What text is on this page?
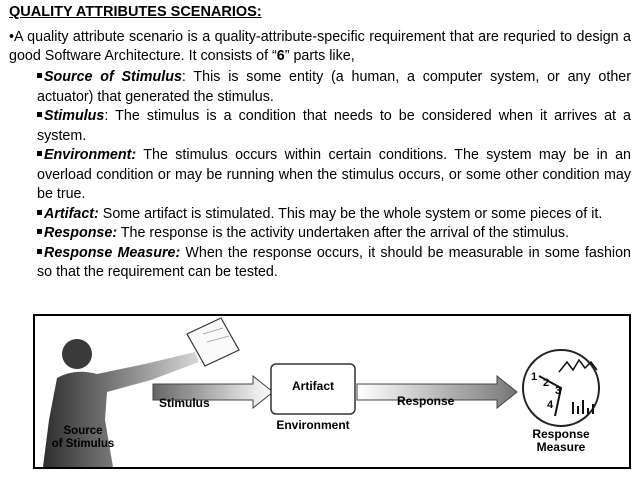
QUALITY ATTRIBUTES SCENARIOS:
•A quality attribute scenario is a quality-attribute-specific requirement that are requried to design a good Software Architecture. It consists of “6” parts like,
Source of Stimulus: This is some entity (a human, a computer system, or any other actuator) that generated the stimulus.
Stimulus: The stimulus is a condition that needs to be considered when it arrives at a system.
Environment: The stimulus occurs within certain conditions. The system may be in an overload condition or may be running when the stimulus occurs, or some other condition may be true.
Artifact: Some artifact is stimulated. This may be the whole system or some pieces of it.
Response: The response is the activity undertaken after the arrival of the stimulus.
Response Measure: When the response occurs, it should be measurable in some fashion so that the requirement can be tested.
Stimulus
Artifact
Environment
Response
1 2
3
4
Source
of Stimulus
Response
Measure
